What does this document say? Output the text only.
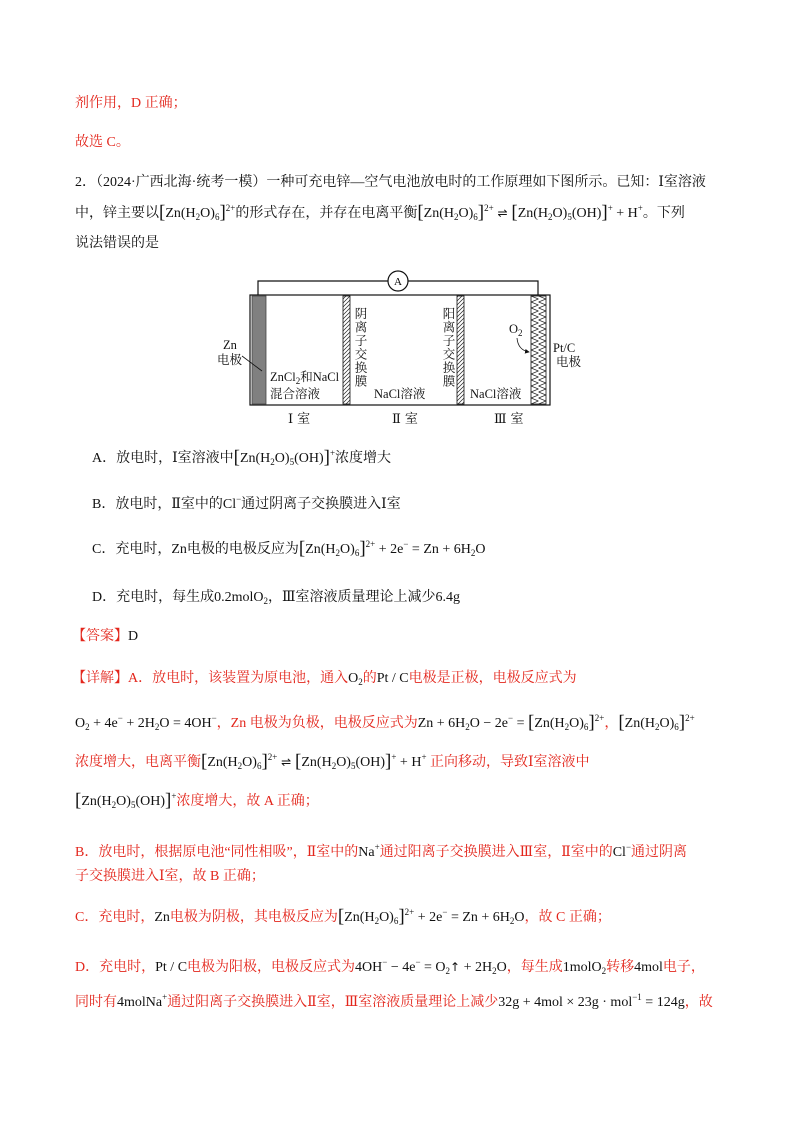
剂作用，D 正确；
故选 C。
2．（2024·广西北海·统考一模）一种可充电锌—空气电池放电时的工作原理如下图所示。已知：Ⅰ室溶液
中，锌主要以$[Zn(H_2O)_6]^{2+}$的形式存在，并存在电离平衡$[Zn(H_2O)_6]^{2+}$ ⇌ $[Zn(H_2O)_5(OH)]^+ + H^+$。下列
说法错误的是
A
Zn
电极
ZnCl$_2$和NaCl
混合溶液
阴离子交换膜
NaCl溶液
阳离子交换膜
NaCl溶液
$O_2$
Pt/C
电极
Ⅰ室	Ⅱ室	Ⅲ室
A．放电时，Ⅰ室溶液中$[Zn(H_2O)_5(OH)]^+$浓度增大
B．放电时，Ⅱ室中的Cl−通过阴离子交换膜进入Ⅰ室
C．充电时，Zn电极的电极反应为$[Zn(H_2O)_6]^{2+} + 2e^- = Zn + 6H_2O$
D．充电时，每生成0.2molO$_2$，Ⅲ室溶液质量理论上减少6.4g
【答案】D
【详解】A．放电时，该装置为原电池，通入$O_2$的Pt / C电极是正极，电极反应式为
$O_2 + 4e^- + 2H_2O = 4OH^-$，Zn 电极为负极，电极反应式为$Zn + 6H_2O - 2e^- = [Zn(H_2O)_6]^{2+}$，$[Zn(H_2O)_6]^{2+}$
浓度增大，电离平衡$[Zn(H_2O)_6]^{2+}$ ⇌ $[Zn(H_2O)_5(OH)]^+ + H^+$ 正向移动，导致Ⅰ室溶液中
$[Zn(H_2O)_5(OH)]^+$浓度增大，故 A 正确；
B．放电时，根据原电池“同性相吸”，Ⅱ室中的Na+通过阳离子交换膜进入Ⅲ室，Ⅱ室中的Cl−通过阴离
子交换膜进入Ⅰ室，故 B 正确；
C．充电时，Zn电极为阴极，其电极反应为$[Zn(H_2O)_6]^{2+} + 2e^- = Zn + 6H_2O$，故 C 正确；
D．充电时，Pt / C电极为阳极，电极反应式为$4OH^- - 4e^- = O_2↑ + 2H_2O$，每生成1molO$_2$转移4mol电子，
同时有4molNa+通过阳离子交换膜进入Ⅱ室，Ⅲ室溶液质量理论上减少32g + 4mol × 23g · mol$^{-1}$ = 124g，故
